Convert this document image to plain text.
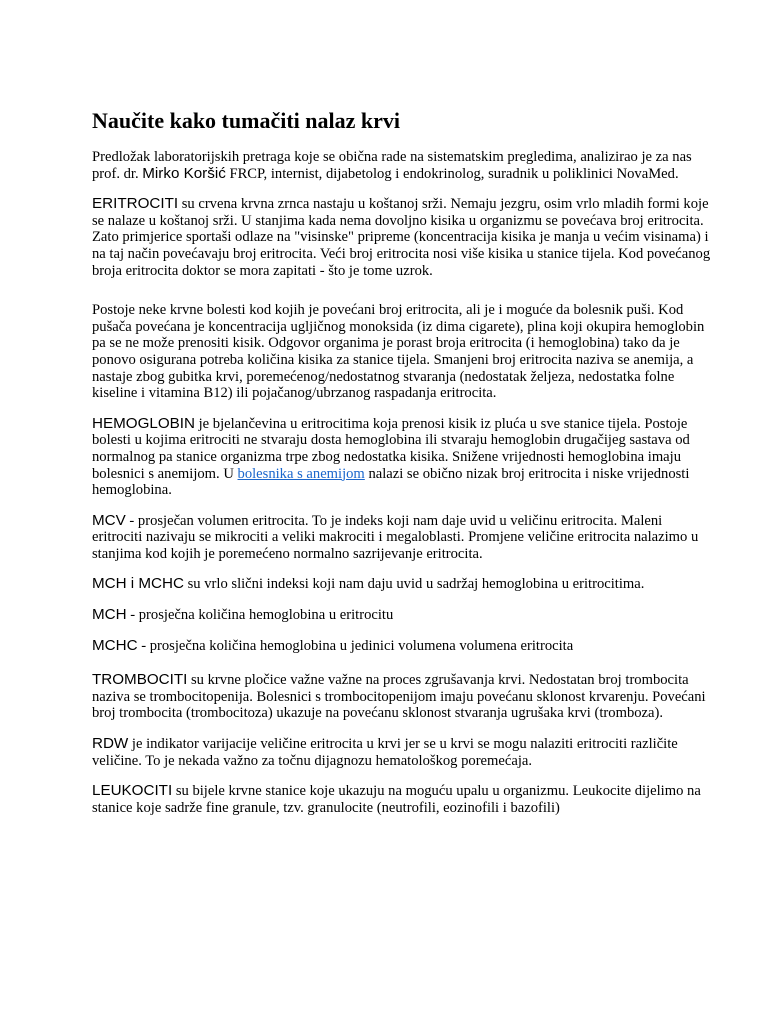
Naučite kako tumačiti nalaz krvi

Predložak laboratorijskih pretraga koje se obična rade na sistematskim pregledima, analizirao je za nas prof. dr. Mirko Koršić FRCP, internist, dijabetolog i endokrinolog, suradnik u poliklinici NovaMed.

ERITROCITI su crvena krvna zrnca nastaju u koštanoj srži. Nemaju jezgru, osim vrlo mladih formi koje se nalaze u koštanoj srži. U stanjima kada nema dovoljno kisika u organizmu se povećava broj eritrocita. Zato primjerice sportaši odlaze na "visinske" pripreme (koncentracija kisika je manja u većim visinama) i na taj način povećavaju broj eritrocita. Veći broj eritrocita nosi više kisika u stanice tijela. Kod povećanog broja eritrocita doktor se mora zapitati - što je tome uzrok.

Postoje neke krvne bolesti kod kojih je povećani broj eritrocita, ali je i moguće da bolesnik puši. Kod pušača povećana je koncentracija ugljičnog monoksida (iz dima cigarete), plina koji okupira hemoglobin pa se ne može prenositi kisik. Odgovor organima je porast broja eritrocita (i hemoglobina) tako da je ponovo osigurana potreba količina kisika za stanice tijela. Smanjeni broj eritrocita naziva se anemija, a nastaje zbog gubitka krvi, poremećenog/nedostatnog stvaranja (nedostatak željeza, nedostatka folne kiseline i vitamina B12) ili pojačanog/ubrzanog raspadanja eritrocita.

HEMOGLOBIN je bjelančevina u eritrocitima koja prenosi kisik iz pluća u sve stanice tijela. Postoje bolesti u kojima eritrociti ne stvaraju dosta hemoglobina ili stvaraju hemoglobin drugačijeg sastava od normalnog pa stanice organizma trpe zbog nedostatka kisika. Snižene vrijednosti hemoglobina imaju bolesnici s anemijom. U bolesnika s anemijom nalazi se obično nizak broj eritrocita i niske vrijednosti hemoglobina.

MCV - prosječan volumen eritrocita. To je indeks koji nam daje uvid u veličinu eritrocita. Maleni eritrociti nazivaju se mikrociti a veliki makrociti i megaloblasti. Promjene veličine eritrocita nalazimo u stanjima kod kojih je poremećeno normalno sazrijevanje eritrocita.

MCH i MCHC su vrlo slični indeksi koji nam daju uvid u sadržaj hemoglobina u eritrocitima.

MCH - prosječna količina hemoglobina u eritrocitu

MCHC - prosječna količina hemoglobina u jedinici volumena volumena eritrocita

TROMBOCITI su krvne pločice važne važne na proces zgrušavanja krvi. Nedostatan broj trombocita naziva se trombocitopenija. Bolesnici s trombocitopenijom imaju povećanu sklonost krvarenju. Povećani broj trombocita (trombocitoza) ukazuje na povećanu sklonost stvaranja ugrušaka krvi (tromboza).

RDW je indikator varijacije veličine eritrocita u krvi jer se u krvi se mogu nalaziti eritrociti različite veličine. To je nekada važno za točnu dijagnozu hematološkog poremećaja.

LEUKOCITI su bijele krvne stanice koje ukazuju na moguću upalu u organizmu. Leukocite dijelimo na stanice koje sadrže fine granule, tzv. granulocite (neutrofili, eozinofili i bazofili)
